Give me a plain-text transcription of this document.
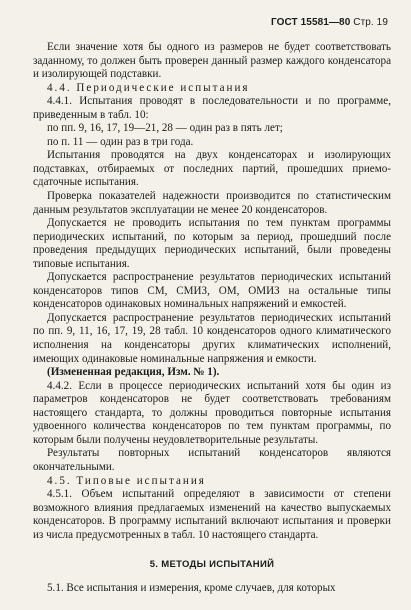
ГОСТ 15581—80 Стр. 19

Если значение хотя бы одного из размеров не будет соответствовать заданному, то должен быть проверен данный размер каждого конденсатора и изолирующей подставки.

4.4. Периодические испытания

4.4.1. Испытания проводят в последовательности и по программе, приведенным в табл. 10:

по пп. 9, 16, 17, 19—21, 28 — один раз в пять лет;

по п. 11 — один раз в три года.

Испытания проводятся на двух конденсаторах и изолирующих подставках, отбираемых от последних партий, прошедших приемо-сдаточные испытания.

Проверка показателей надежности производится по статистическим данным результатов эксплуатации не менее 20 конденсаторов.

Допускается не проводить испытания по тем пунктам программы периодических испытаний, по которым за период, прошедший после проведения предыдущих периодических испытаний, были проведены типовые испытания.

Допускается распространение результатов периодических испытаний конденсаторов типов СМ, СМИЗ, ОМ, ОМИЗ на остальные типы конденсаторов одинаковых номинальных напряжений и емкостей.

Допускается распространение результатов периодических испытаний по пп. 9, 11, 16, 17, 19, 28 табл. 10 конденсаторов одного климатического исполнения на конденсаторы других климатических исполнений, имеющих одинаковые номинальные напряжения и емкости.

(Измененная редакция, Изм. № 1).

4.4.2. Если в процессе периодических испытаний хотя бы один из параметров конденсаторов не будет соответствовать требованиям настоящего стандарта, то должны проводиться повторные испытания удвоенного количества конденсаторов по тем пунктам программы, по которым были получены неудовлетворительные результаты.

Результаты повторных испытаний конденсаторов являются окончательными.

4.5. Типовые испытания

4.5.1. Объем испытаний определяют в зависимости от степени возможного влияния предлагаемых изменений на качество выпускаемых конденсаторов. В программу испытаний включают испытания и проверки из числа предусмотренных в табл. 10 настоящего стандарта.

5. МЕТОДЫ ИСПЫТАНИЙ

5.1. Все испытания и измерения, кроме случаев, для которых
